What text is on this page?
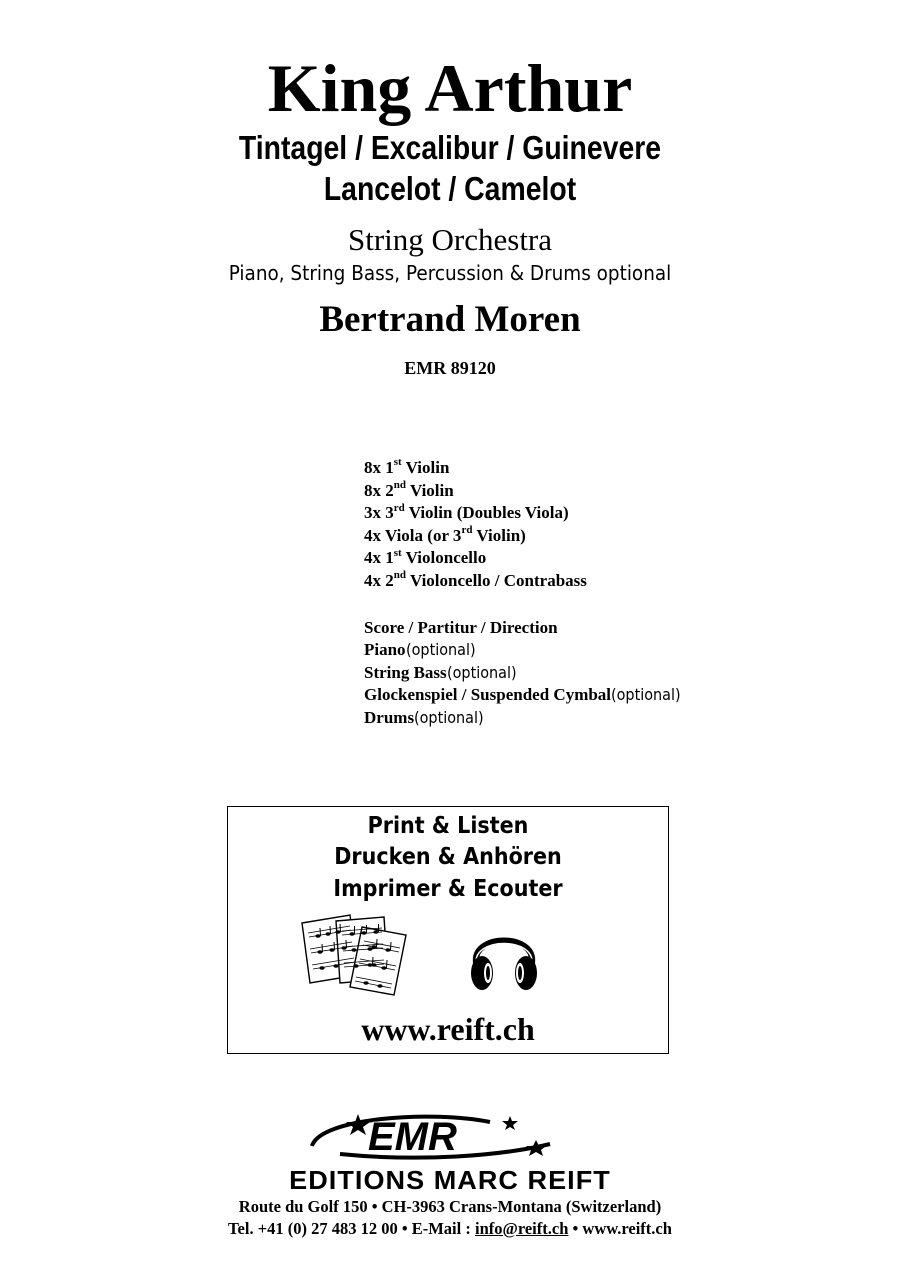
King Arthur
Tintagel / Excalibur / Guinevere
Lancelot / Camelot
String Orchestra
Piano, String Bass, Percussion & Drums optional
Bertrand Moren
EMR 89120
8x 1st Violin
8x 2nd Violin
3x 3rd Violin (Doubles Viola)
4x Viola (or 3rd Violin)
4x 1st Violoncello
4x 2nd Violoncello / Contrabass
Score / Partitur / Direction
Piano(optional)
String Bass(optional)
Glockenspiel / Suspended Cymbal(optional)
Drums(optional)
Print & Listen
Drucken & Anhören
Imprimer & Ecouter
www.reift.ch
EMR
EDITIONS MARC REIFT
Route du Golf 150 • CH-3963 Crans-Montana (Switzerland)
Tel. +41 (0) 27 483 12 00 • E-Mail : info@reift.ch • www.reift.ch
